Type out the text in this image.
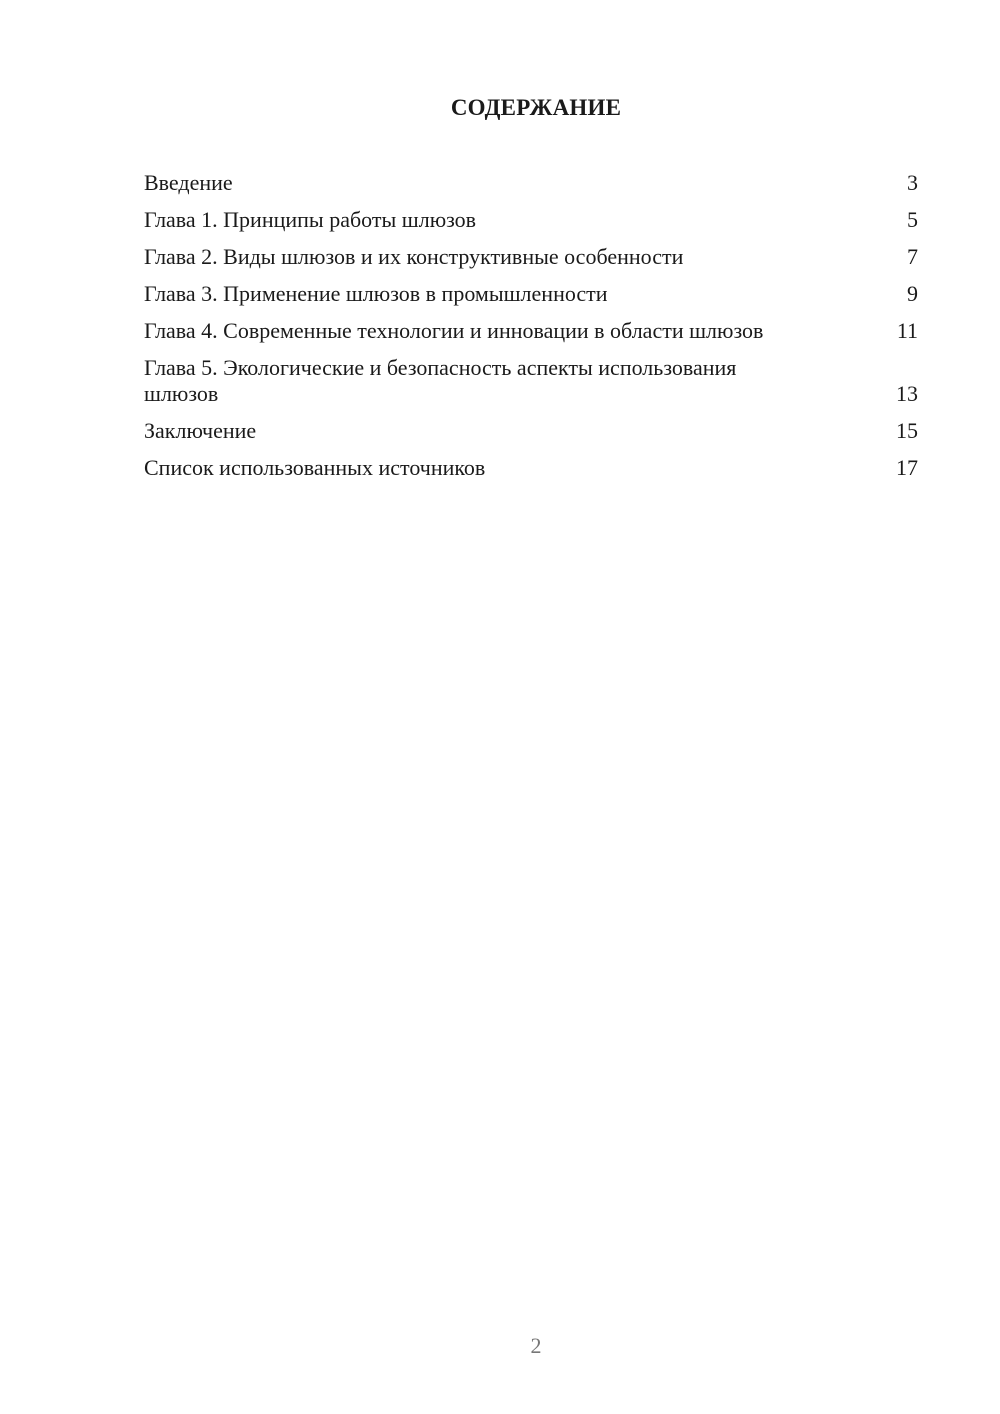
СОДЕРЖАНИЕ
Введение	3
Глава 1. Принципы работы шлюзов	5
Глава 2. Виды шлюзов и их конструктивные особенности	7
Глава 3. Применение шлюзов в промышленности	9
Глава 4. Современные технологии и инновации в области шлюзов	11
Глава 5. Экологические и безопасность аспекты использования шлюзов	13
Заключение	15
Список использованных источников	17
2
